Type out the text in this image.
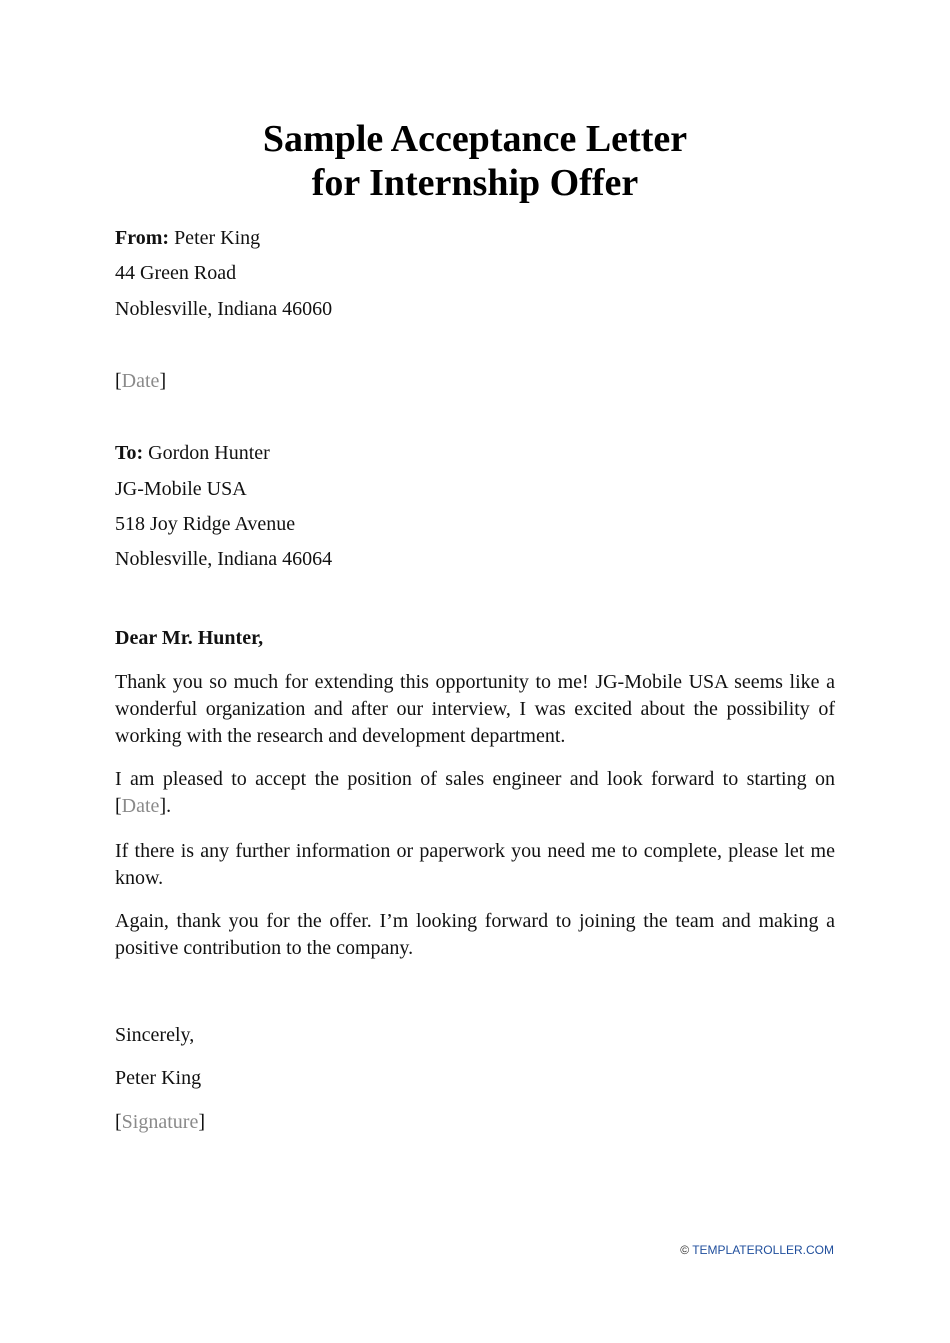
Sample Acceptance Letter
for Internship Offer
From: Peter King
44 Green Road
Noblesville, Indiana 46060
[Date]
To: Gordon Hunter
JG-Mobile USA
518 Joy Ridge Avenue
Noblesville, Indiana 46064
Dear Mr. Hunter,
Thank you so much for extending this opportunity to me! JG-Mobile USA seems like a wonderful organization and after our interview, I was excited about the possibility of working with the research and development department.
I am pleased to accept the position of sales engineer and look forward to starting on [Date].
If there is any further information or paperwork you need me to complete, please let me know.
Again, thank you for the offer. I’m looking forward to joining the team and making a positive contribution to the company.
Sincerely,
Peter King
[Signature]
© TEMPLATEROLLER.COM
